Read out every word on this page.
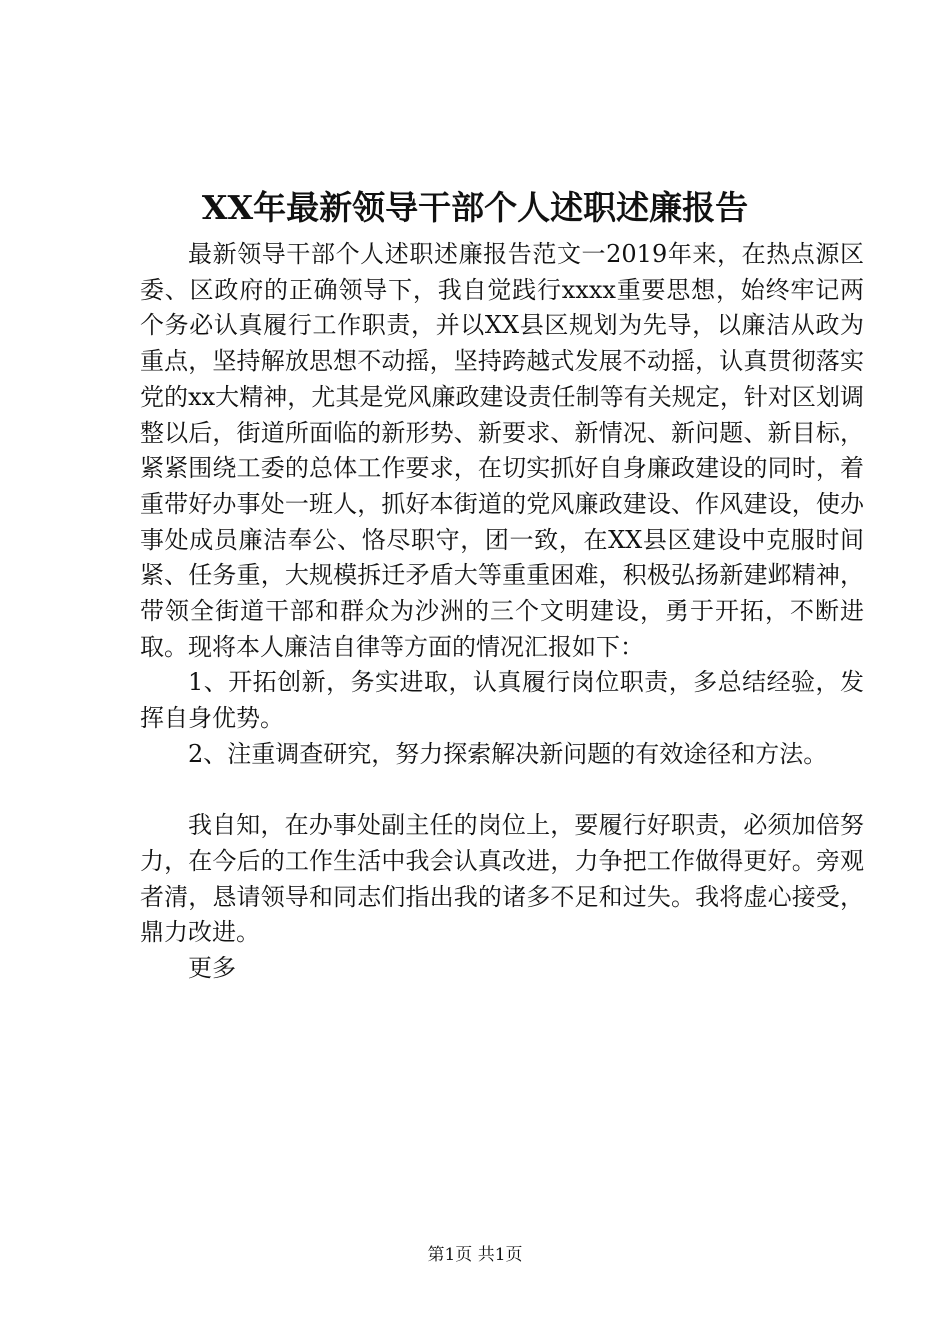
XX年最新领导干部个人述职述廉报告

最新领导干部个人述职述廉报告范文一2019年来，在热点源区委、区政府的正确领导下，我自觉践行xxxx重要思想，始终牢记两个务必认真履行工作职责，并以XX县区规划为先导，以廉洁从政为重点，坚持解放思想不动摇，坚持跨越式发展不动摇，认真贯彻落实党的xx大精神，尤其是党风廉政建设责任制等有关规定，针对区划调整以后，街道所面临的新形势、新要求、新情况、新问题、新目标，紧紧围绕工委的总体工作要求，在切实抓好自身廉政建设的同时，着重带好办事处一班人，抓好本街道的党风廉政建设、作风建设，使办事处成员廉洁奉公、恪尽职守，团一致，在XX县区建设中克服时间紧、任务重，大规模拆迁矛盾大等重重困难，积极弘扬新建邺精神，带领全街道干部和群众为沙洲的三个文明建设，勇于开拓，不断进取。现将本人廉洁自律等方面的情况汇报如下：

1、开拓创新，务实进取，认真履行岗位职责，多总结经验，发挥自身优势。

2、注重调查研究，努力探索解决新问题的有效途径和方法。

我自知，在办事处副主任的岗位上，要履行好职责，必须加倍努力，在今后的工作生活中我会认真改进，力争把工作做得更好。旁观者清，恳请领导和同志们指出我的诸多不足和过失。我将虚心接受，鼎力改进。

更多

第1页 共1页
